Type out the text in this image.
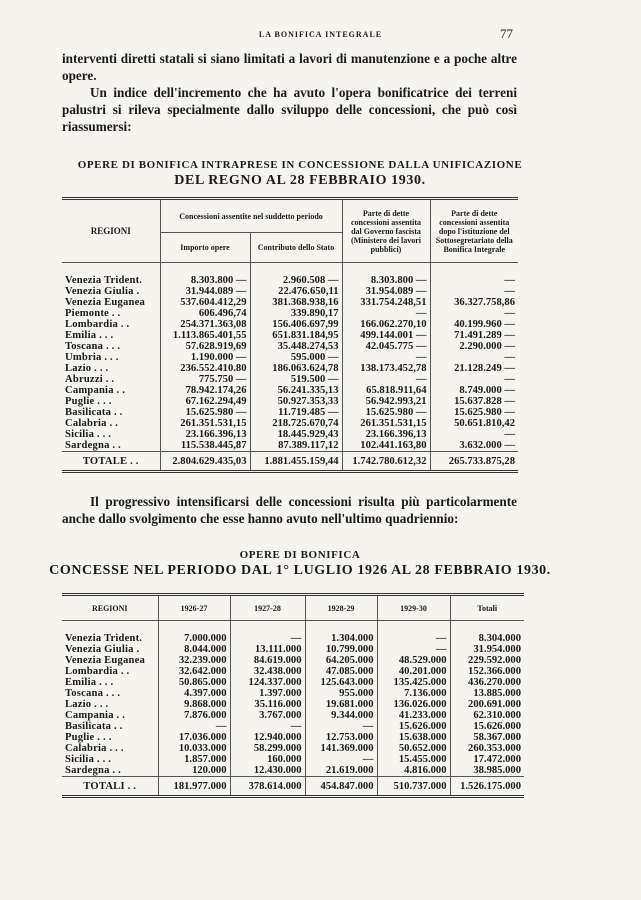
LA BONIFICA INTEGRALE	77
interventi diretti statali si siano limitati a lavori di manutenzione e a poche altre opere.
Un indice dell'incremento che ha avuto l'opera bonificatrice dei terreni palustri si rileva specialmente dallo sviluppo delle concessioni, che può così riassumersi:
OPERE DI BONIFICA INTRAPRESE IN CONCESSIONE DALLA UNIFICAZIONE
DEL REGNO AL 28 FEBBRAIO 1930.
REGIONI	Concessioni assentite nel suddetto periodo		Parte di dette concessioni assentita dal Governo fascista (Ministero dei lavori pubblici)	Parte di dette concessioni assentita dopo l'istituzione del Sottosegretariato della Bonifica Integrale
	Importo opere	Contributo dello Stato		

Venezia Trident.	8.303.800 —	2.960.508 —	8.303.800 —	—
Venezia Giulia .	31.944.089 —	22.476.650,11	31.954.089 —	—
Venezia Euganea	537.604.412,29	381.368.938,16	331.754.248,51	36.327.758,86
Piemonte . .	606.496,74	339.890,17	—	—
Lombardia . .	254.371.363,08	156.406.697,99	166.062.270,10	40.199.960 —
Emilia . . .	1.113.865.401,55	651.831.184,95	499.144.001 —	71.491.289 —
Toscana . . .	57.628.919,69	35.448.274,53	42.045.775 —	2.290.000 —
Umbria . . .	1.190.000 —	595.000 —	—	—
Lazio . . .	236.552.410.80	186.063.624,78	138.173.452,78	21.128.249 —
Abruzzi . .	775.750 —	519.500 —	—	—
Campania . .	78.942.174,26	56.241.335,13	65.818.911,64	8.749.000 —
Puglie . . .	67.162.294,49	50.927.353,33	56.942.993,21	15.637.828 —
Basilicata . .	15.625.980 —	11.719.485 —	15.625.980 —	15.625.980 —
Calabria . .	261.351.531,15	218.725.670,74	261.351.531,15	50.651.810,42
Sicilia . . .	23.166.396,13	18.445.929,43	23.166.396,13	—
Sardegna . .	115.538.445,87	87.389.117,12	102.441.163,80	3.632.000 —
TOTALE . .	2.804.629.435,03	1.881.455.159,44	1.742.780.612,32	265.733.875,28
Il progressivo intensificarsi delle concessioni risulta più particolarmente anche dallo svolgimento che esse hanno avuto nell'ultimo quadriennio:
OPERE DI BONIFICA
CONCESSE NEL PERIODO DAL 1° LUGLIO 1926 AL 28 FEBBRAIO 1930.
REGIONI	1926-27	1927-28	1928-29	1929-30	Totali

Venezia Trident.	7.000.000	—	1.304.000	—	8.304.000
Venezia Giulia .	8.044.000	13.111.000	10.799.000	—	31.954.000
Venezia Euganea	32.239.000	84.619.000	64.205.000	48.529.000	229.592.000
Lombardia . .	32.642.000	32.438.000	47.085.000	40.201.000	152.366.000
Emilia . . .	50.865.000	124.337.000	125.643.000	135.425.000	436.270.000
Toscana . . .	4.397.000	1.397.000	955.000	7.136.000	13.885.000
Lazio . . .	9.868.000	35.116.000	19.681.000	136.026.000	200.691.000
Campania . .	7.876.000	3.767.000	9.344.000	41.233.000	62.310.000
Basilicata . .	—	—	—	15.626.000	15.626.000
Puglie . . .	17.036.000	12.940.000	12.753.000	15.638.000	58.367.000
Calabria . . .	10.033.000	58.299.000	141.369.000	50.652.000	260.353.000
Sicilia . . .	1.857.000	160.000	—	15.455.000	17.472.000
Sardegna . .	120.000	12.430.000	21.619.000	4.816.000	38.985.000
TOTALI . .	181.977.000	378.614.000	454.847.000	510.737.000	1.526.175.000
